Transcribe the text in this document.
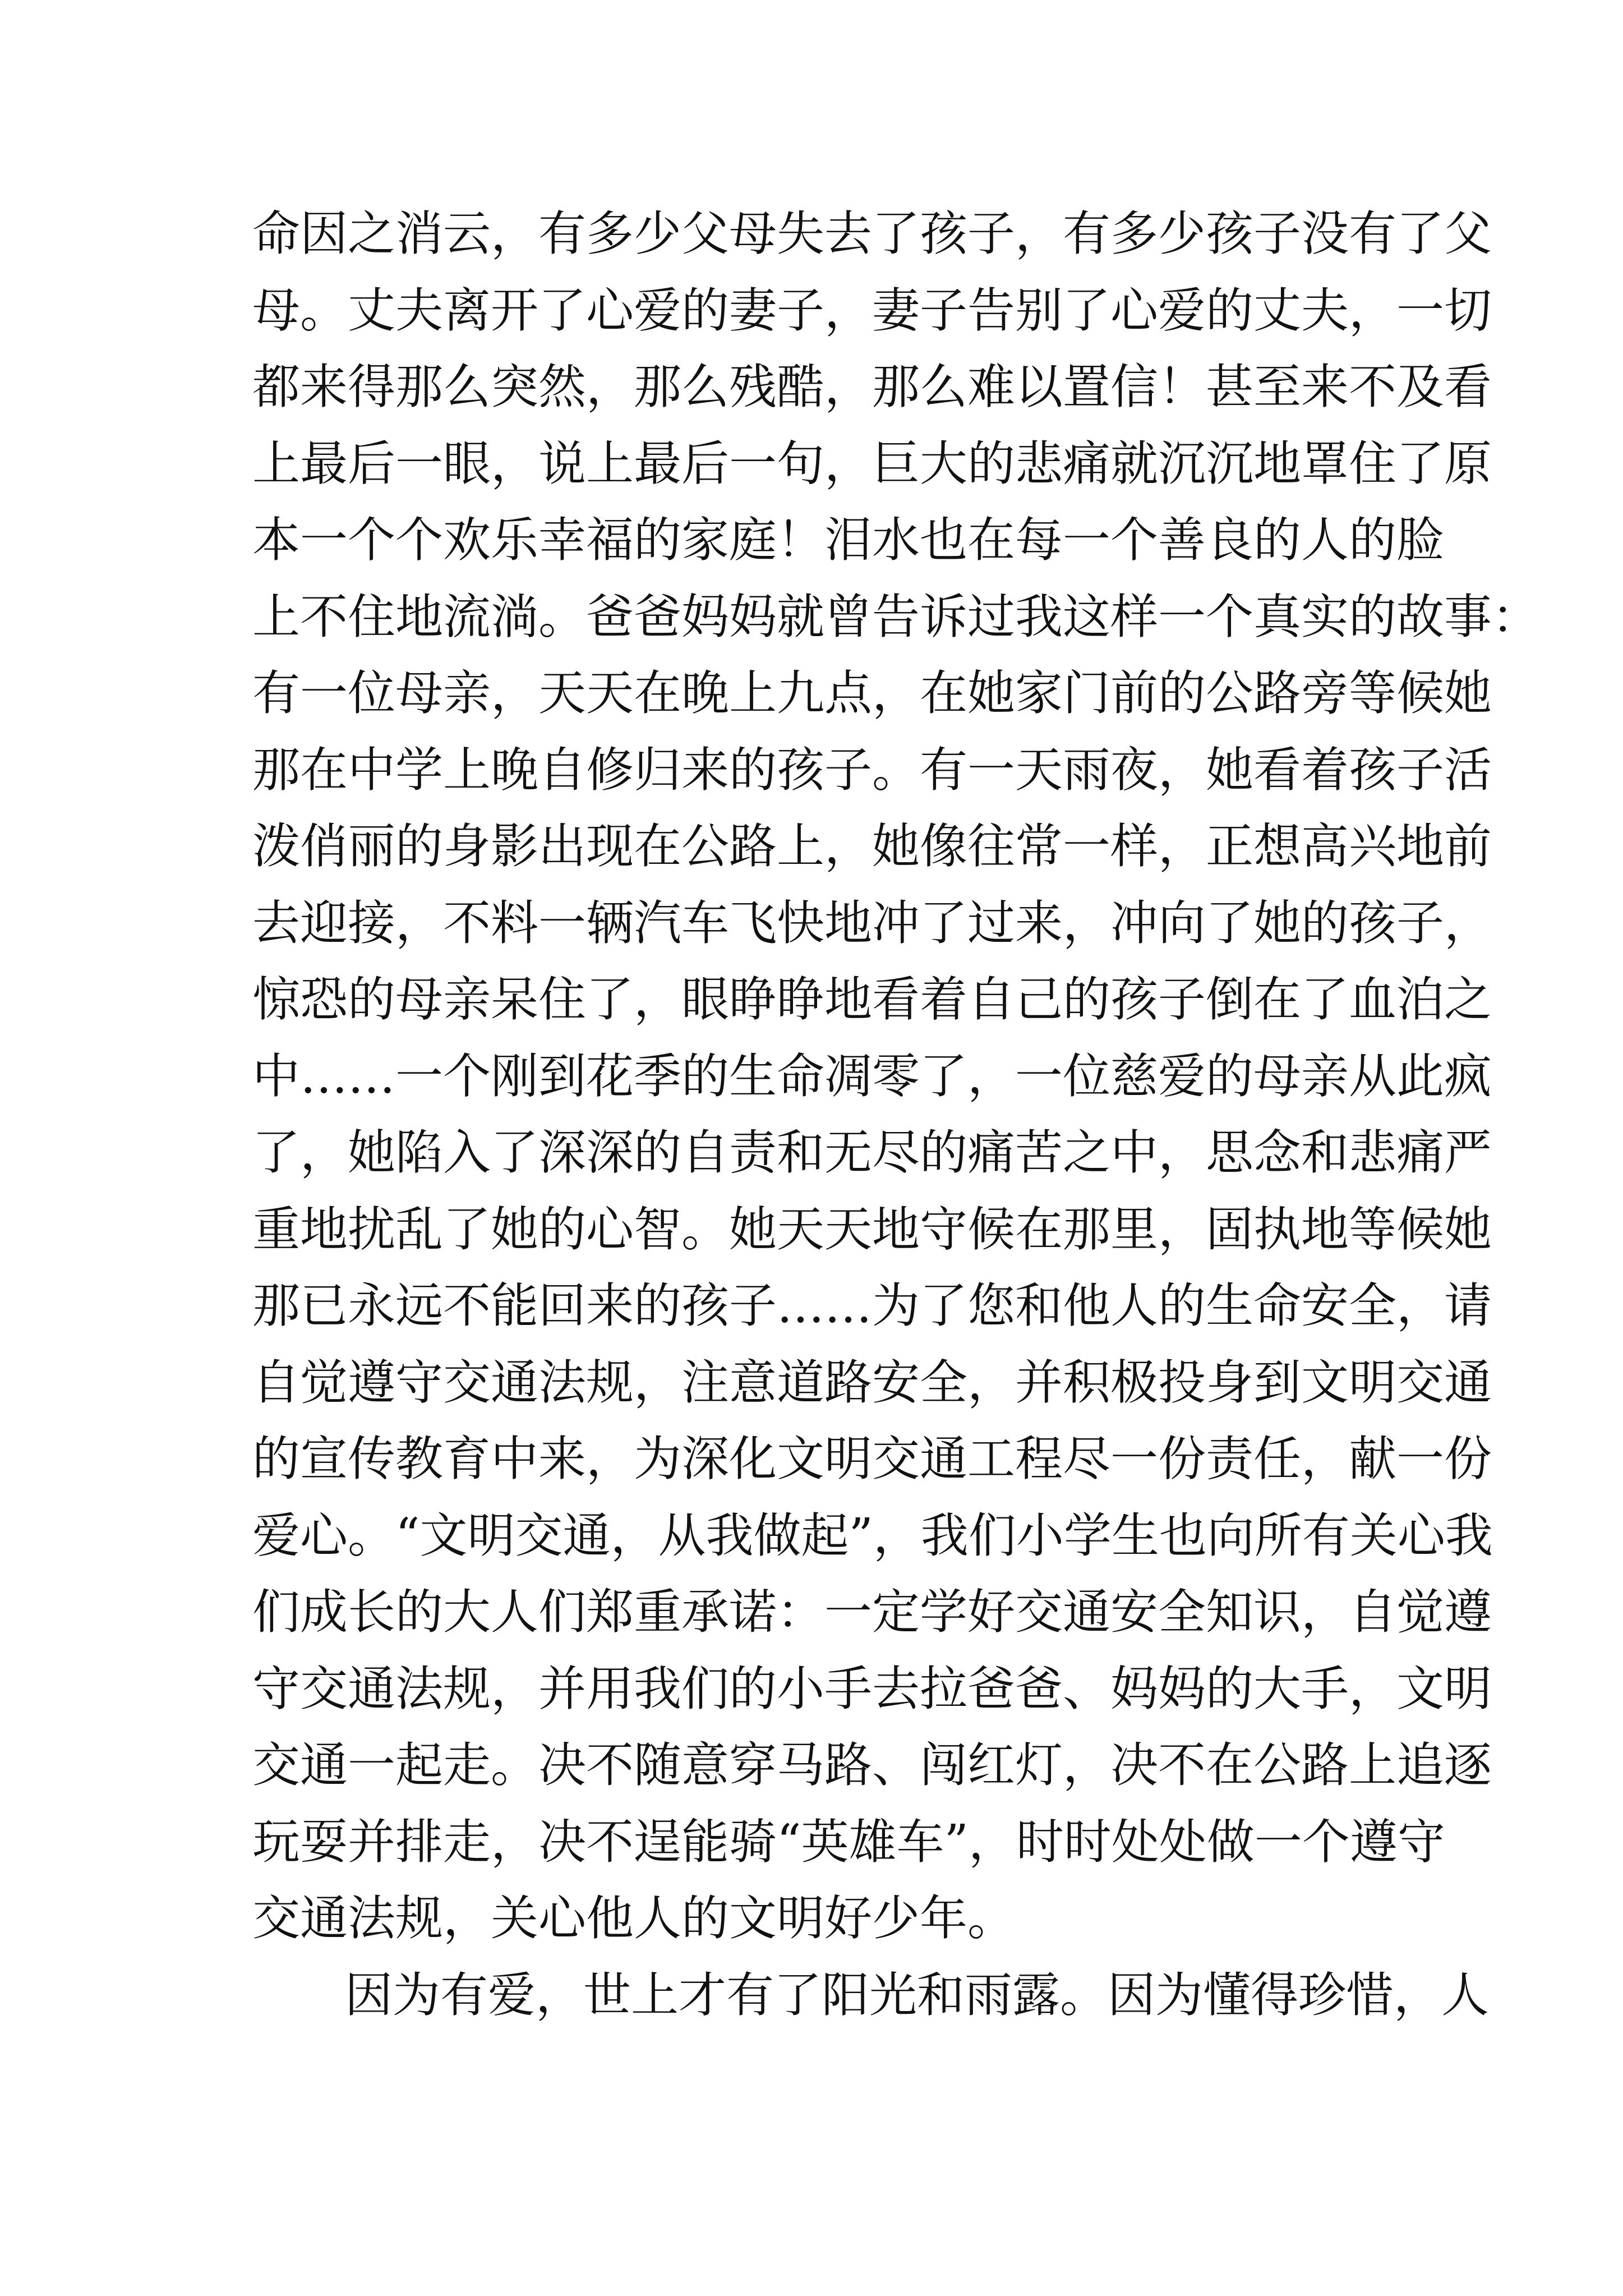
命因之消云，有多少父母失去了孩子，有多少孩子没有了父
母。丈夫离开了心爱的妻子，妻子告别了心爱的丈夫，一切
都来得那么突然，那么残酷，那么难以置信！甚至来不及看
上最后一眼，说上最后一句，巨大的悲痛就沉沉地罩住了原
本一个个欢乐幸福的家庭！泪水也在每一个善良的人的脸
上不住地流淌。爸爸妈妈就曾告诉过我这样一个真实的故事：
有一位母亲，天天在晚上九点，在她家门前的公路旁等候她
那在中学上晚自修归来的孩子。有一天雨夜，她看着孩子活
泼俏丽的身影出现在公路上，她像往常一样，正想高兴地前
去迎接，不料一辆汽车飞快地冲了过来，冲向了她的孩子，
惊恐的母亲呆住了，眼睁睁地看着自己的孩子倒在了血泊之
中……一个刚到花季的生命凋零了，一位慈爱的母亲从此疯
了，她陷入了深深的自责和无尽的痛苦之中，思念和悲痛严
重地扰乱了她的心智。她天天地守候在那里，固执地等候她
那已永远不能回来的孩子……为了您和他人的生命安全，请
自觉遵守交通法规，注意道路安全，并积极投身到文明交通
的宣传教育中来，为深化文明交通工程尽一份责任，献一份
爱心。“文明交通，从我做起”，我们小学生也向所有关心我
们成长的大人们郑重承诺：一定学好交通安全知识，自觉遵
守交通法规，并用我们的小手去拉爸爸、妈妈的大手，文明
交通一起走。决不随意穿马路、闯红灯，决不在公路上追逐
玩耍并排走，决不逞能骑“英雄车”，时时处处做一个遵守
交通法规，关心他人的文明好少年。
因为有爱，世上才有了阳光和雨露。因为懂得珍惜，人
